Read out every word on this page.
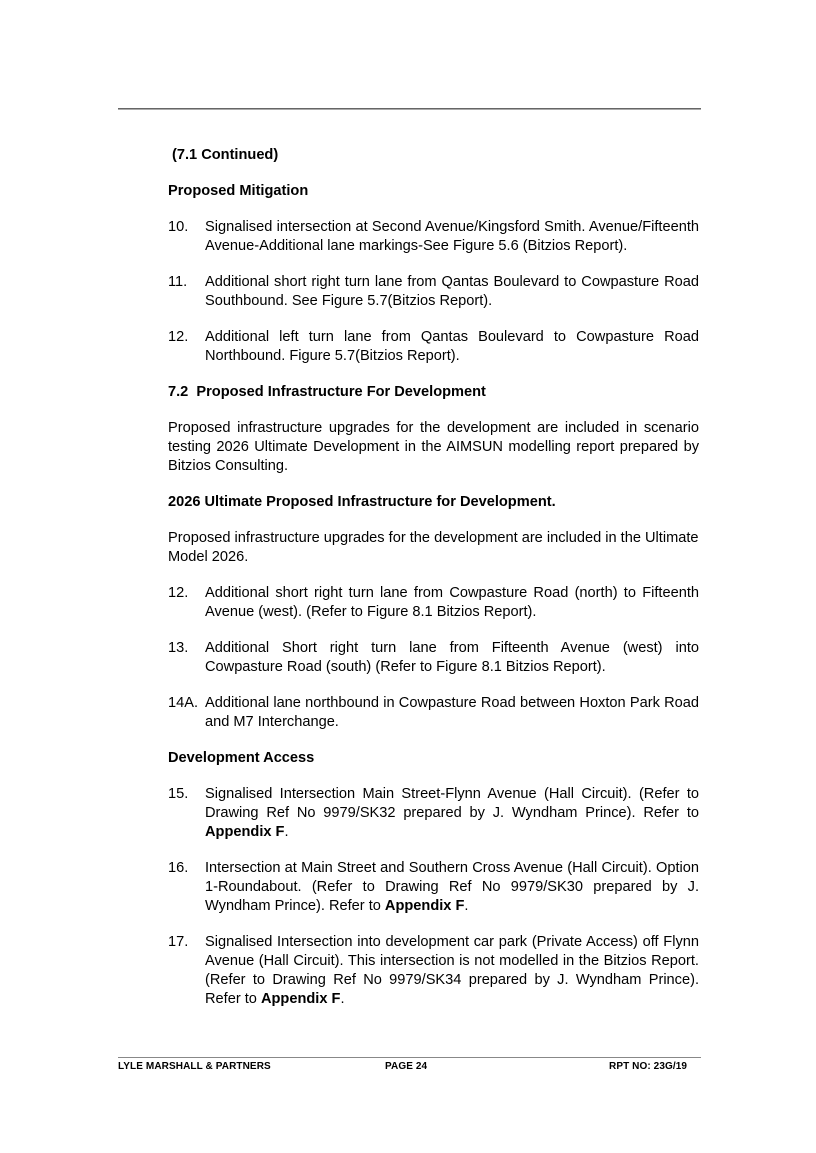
(7.1 Continued)
Proposed Mitigation
10. Signalised intersection at Second Avenue/Kingsford Smith. Avenue/Fifteenth Avenue-Additional lane markings-See Figure 5.6 (Bitzios Report).
11. Additional short right turn lane from Qantas Boulevard to Cowpasture Road Southbound. See Figure 5.7(Bitzios Report).
12. Additional left turn lane from Qantas Boulevard to Cowpasture Road Northbound. Figure 5.7(Bitzios Report).
7.2  Proposed Infrastructure For Development
Proposed infrastructure upgrades for the development are included in scenario testing 2026 Ultimate Development in the AIMSUN modelling report prepared by Bitzios Consulting.
2026 Ultimate Proposed Infrastructure for Development.
Proposed infrastructure upgrades for the development are included in the Ultimate Model 2026.
12. Additional short right turn lane from Cowpasture Road (north) to Fifteenth Avenue (west). (Refer to Figure 8.1 Bitzios Report).
13. Additional Short right turn lane from Fifteenth Avenue (west) into Cowpasture Road (south) (Refer to Figure 8.1 Bitzios Report).
14A. Additional lane northbound in Cowpasture Road between Hoxton Park Road and M7 Interchange.
Development Access
15. Signalised Intersection Main Street-Flynn Avenue (Hall Circuit). (Refer to Drawing Ref No 9979/SK32 prepared by J. Wyndham Prince). Refer to Appendix F.
16. Intersection at Main Street and Southern Cross Avenue (Hall Circuit). Option 1-Roundabout. (Refer to Drawing Ref No 9979/SK30 prepared by J. Wyndham Prince). Refer to Appendix F.
17. Signalised Intersection into development car park (Private Access) off Flynn Avenue (Hall Circuit). This intersection is not modelled in the Bitzios Report. (Refer to Drawing Ref No 9979/SK34 prepared by J. Wyndham Prince). Refer to Appendix F.
LYLE MARSHALL & PARTNERS	PAGE 24	RPT NO: 23G/19
